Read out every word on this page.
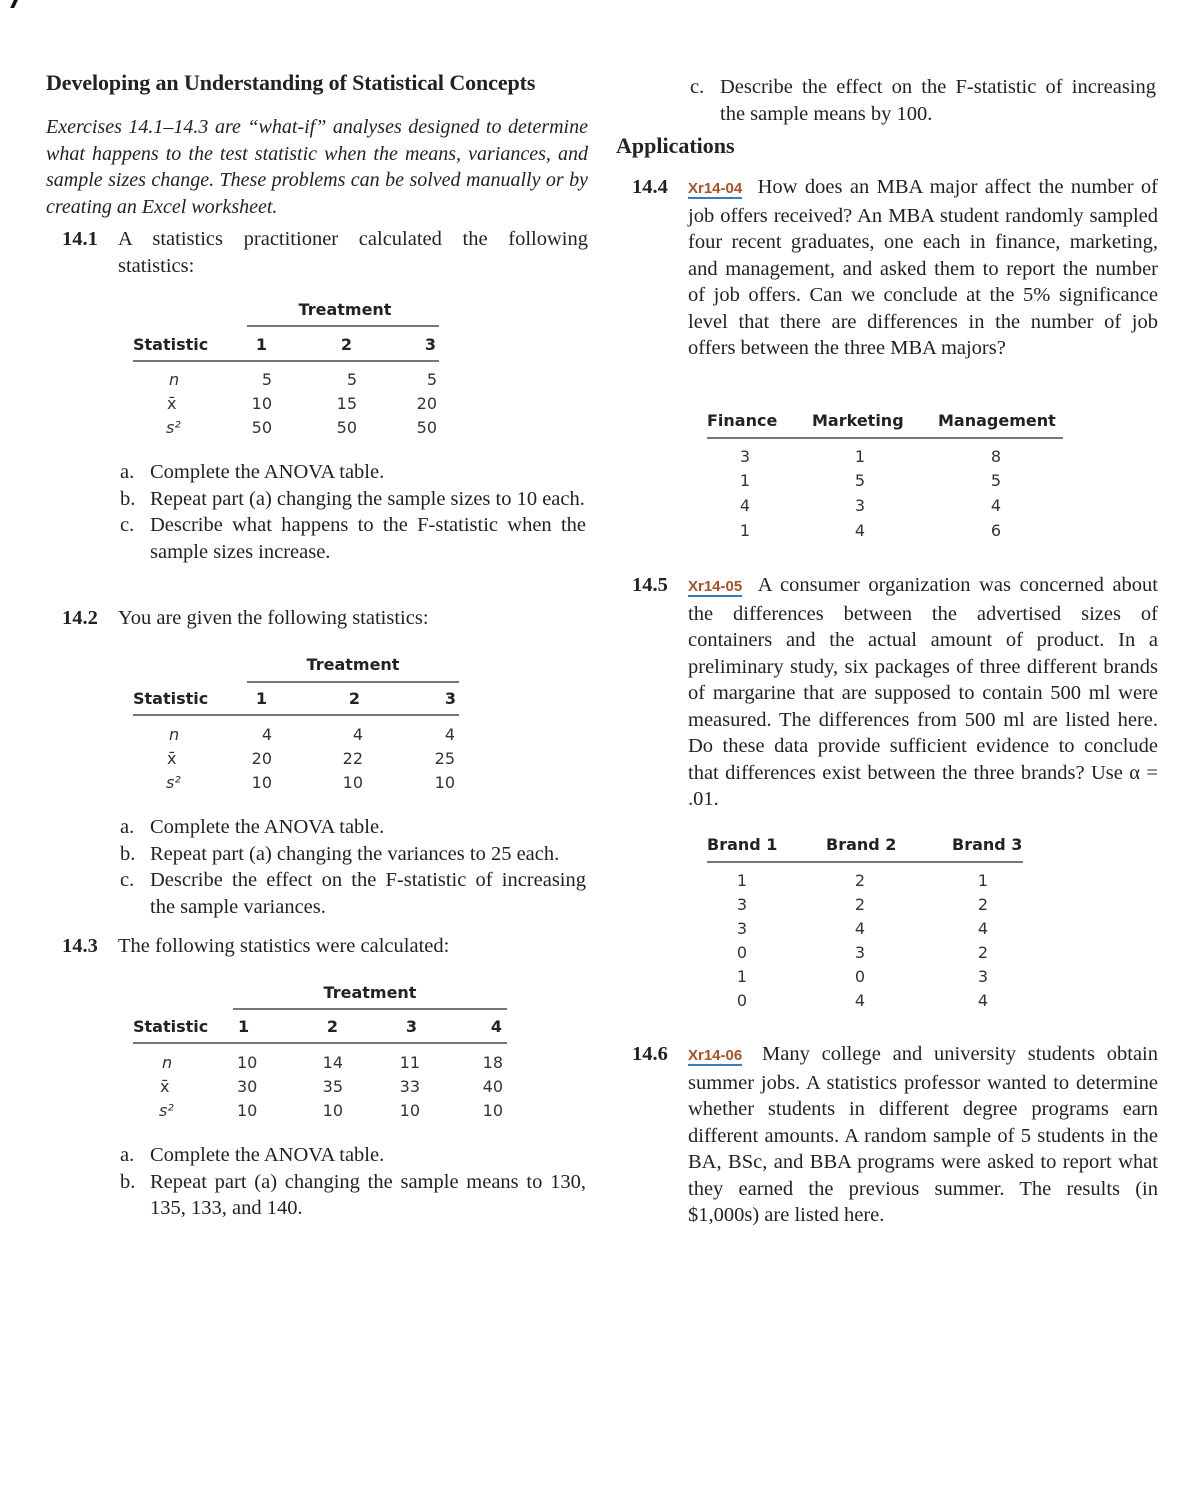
Developing an Understanding of Statistical Concepts
Exercises 14.1–14.3 are “what-if” analyses designed to determine what happens to the test statistic when the means, variances, and sample sizes change. These problems can be solved manually or by creating an Excel worksheet.
14.1 A statistics practitioner calculated the following statistics:
Treatment
Statistic	1	2	3
n	5	5	5
x̄	10	15	20
s²	50	50	50
a. Complete the ANOVA table.
b. Repeat part (a) changing the sample sizes to 10 each.
c. Describe what happens to the F-statistic when the sample sizes increase.
14.2 You are given the following statistics:
Treatment
Statistic	1	2	3
n	4	4	4
x̄	20	22	25
s²	10	10	10
a. Complete the ANOVA table.
b. Repeat part (a) changing the variances to 25 each.
c. Describe the effect on the F-statistic of increasing the sample variances.
14.3 The following statistics were calculated:
Treatment
Statistic 1	2	3	4
n	10	14	11	18
x̄	30	35	33	40
s²	10	10	10	10
a. Complete the ANOVA table.
b. Repeat part (a) changing the sample means to 130, 135, 133, and 140.
c. Describe the effect on the F-statistic of increasing the sample means by 100.
Applications
14.4 Xr14-04 How does an MBA major affect the number of job offers received? An MBA student randomly sampled four recent graduates, one each in finance, marketing, and management, and asked them to report the number of job offers. Can we conclude at the 5% significance level that there are differences in the number of job offers between the three MBA majors?
Finance Marketing Management
3	1	8
1	5	5
4	3	4
1	4	6
14.5 Xr14-05 A consumer organization was concerned about the differences between the advertised sizes of containers and the actual amount of product. In a preliminary study, six packages of three different brands of margarine that are supposed to contain 500 ml were measured. The differences from 500 ml are listed here. Do these data provide sufficient evidence to conclude that differences exist between the three brands? Use α = .01.
Brand 1	Brand 2	Brand 3
1	2	1
3	2	2
3	4	4
0	3	2
1	0	3
0	4	4
14.6 Xr14-06 Many college and university students obtain summer jobs. A statistics professor wanted to determine whether students in different degree programs earn different amounts. A random sample of 5 students in the BA, BSc, and BBA programs were asked to report what they earned the previous summer. The results (in $1,000s) are listed here.
